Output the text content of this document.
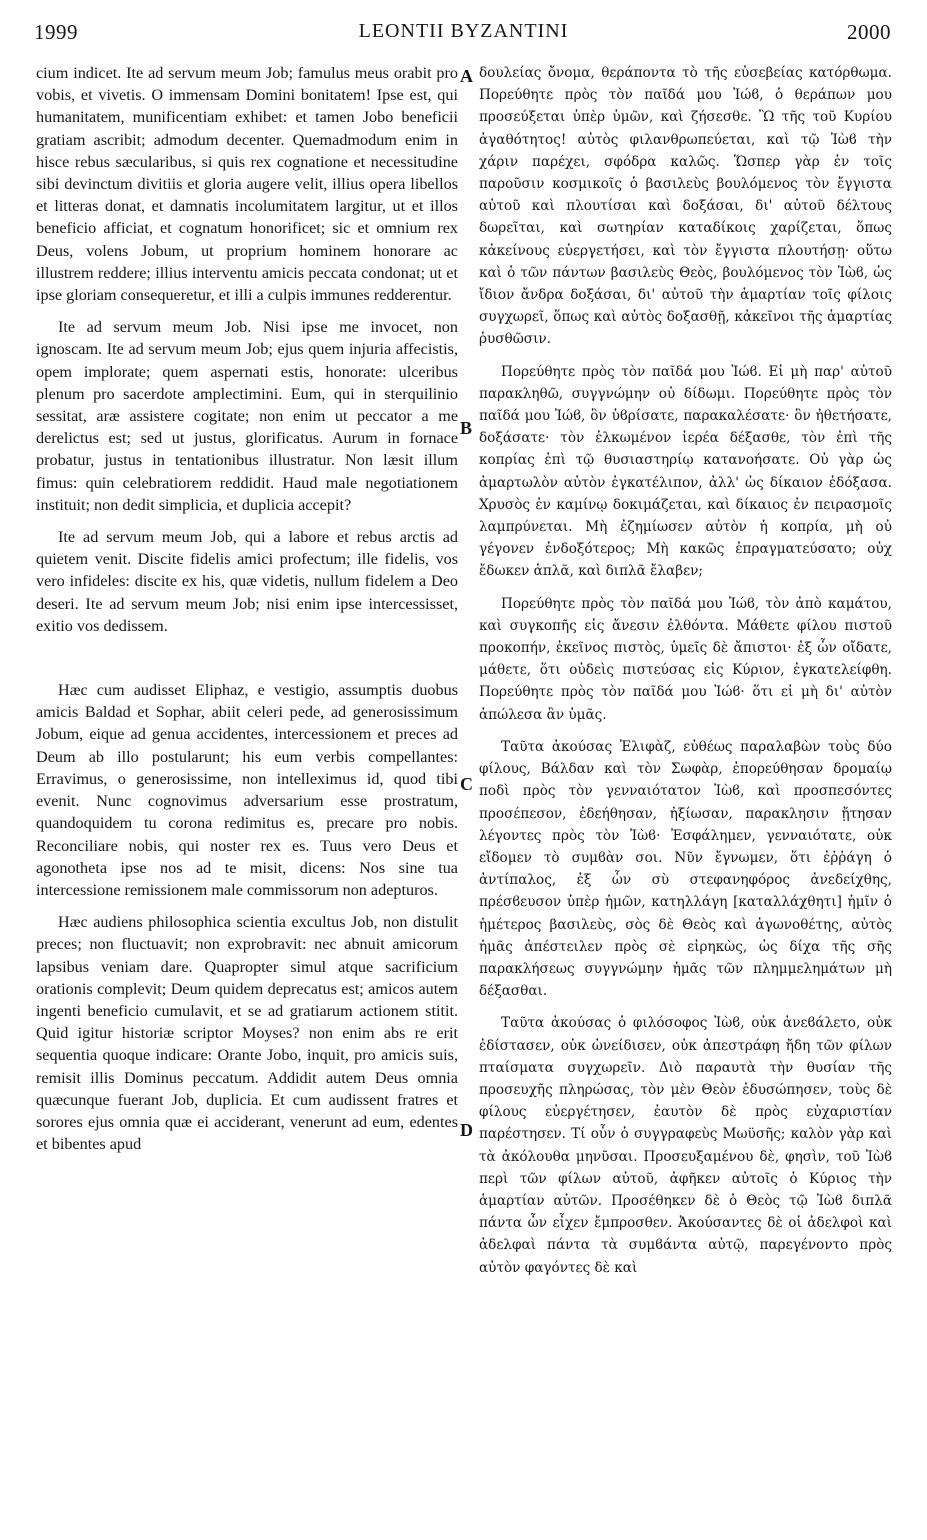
1999	LEONTII BYZANTINI	2000

cium indicet. Ite ad servum meum Job; famulus meus orabit pro vobis, et vivetis. O immensam Domini bonitatem! Ipse est, qui humanitatem, munificentiam exhibet: et tamen Jobo beneficii gratiam ascribit; admodum decenter. Quemadmodum enim in hisce rebus sæcularibus, si quis rex cognatione et necessitudine sibi devinctum divitiis et gloria augere velit, illius opera libellos et litteras donat, et damnatis incolumitatem largitur, ut et illos beneficio afficiat, et cognatum honorificet; sic et omnium rex Deus, volens Jobum, ut proprium hominem honorare ac illustrem reddere; illius interventu amicis peccata condonat; ut et ipse gloriam consequeretur, et illi a culpis immunes redderentur.

Ite ad servum meum Job. Nisi ipse me invocet, non ignoscam. Ite ad servum meum Job; ejus quem injuria affecistis, opem implorate; quem aspernati estis, honorate: ulceribus plenum pro sacerdote amplectimini. Eum, qui in sterquilinio sessitat, aræ assistere cogitate; non enim ut peccator a me derelictus est; sed ut justus, glorificatus. Aurum in fornace probatur, justus in tentationibus illustratur. Non læsit illum fimus: quin celebratiorem reddidit. Haud male negotiationem instituit; non dedit simplicia, et duplicia accepit?

Ite ad servum meum Job, qui a labore et rebus arctis ad quietem venit. Discite fidelis amici profectum; ille fidelis, vos vero infideles: discite ex his, quæ videtis, nullum fidelem a Deo deseri. Ite ad servum meum Job; nisi enim ipse intercessisset, exitio vos dedissem.

Hæc cum audisset Eliphaz, e vestigio, assumptis duobus amicis Baldad et Sophar, abiit celeri pede, ad generosissimum Jobum, eique ad genua accidentes, intercessionem et preces ad Deum ab illo postularunt; his eum verbis compellantes: Erravimus, o generosissime, non intelleximus id, quod tibi evenit. Nunc cognovimus adversarium esse prostratum, quandoquidem tu corona redimitus es, precare pro nobis. Reconciliare nobis, qui noster rex es. Tuus vero Deus et agonotheta ipse nos ad te misit, dicens: Nos sine tua intercessione remissionem male commissorum non adepturos.

Hæc audiens philosophica scientia excultus Job, non distulit preces; non fluctuavit; non exprobravit: nec abnuit amicorum lapsibus veniam dare. Quapropter simul atque sacrificium orationis complevit; Deum quidem deprecatus est; amicos autem ingenti beneficio cumulavit, et se ad gratiarum actionem stitit. Quid igitur historiæ scriptor Moyses? non enim abs re erit sequentia quoque indicare: Orante Jobo, inquit, pro amicis suis, remisit illis Dominus peccatum. Addidit autem Deus omnia quæcunque fuerant Job, duplicia. Et cum audissent fratres et sorores ejus omnia quæ ei acciderant, venerunt ad eum, edentes et bibentes apud

A
B
C
D

δουλείας ὄνομα, θεράποντα τὸ τῆς εὐσεβείας κατόρθωμα. Πορεύθητε πρὸς τὸν παῖδά μου Ἰώϐ, ὁ θεράπων μου προσεύξεται ὑπὲρ ὑμῶν, καὶ ζήσεσθε. Ὢ τῆς τοῦ Κυρίου ἀγαθότητος! αὐτὸς φιλανθρωπεύεται, καὶ τῷ Ἰὼϐ τὴν χάριν παρέχει, σφόδρα καλῶς. Ὥσπερ γὰρ ἐν τοῖς παροῦσιν κοσμικοῖς ὁ βασιλεὺς βουλόμενος τὸν ἔγγιστα αὐτοῦ καὶ πλουτίσαι καὶ δοξάσαι, δι' αὐτοῦ δέλτους δωρεῖται, καὶ σωτηρίαν καταδίκοις χαρίζεται, ὅπως κἀκείνους εὐεργετήσει, καὶ τὸν ἔγγιστα πλουτήσῃ· οὕτω καὶ ὁ τῶν πάντων βασιλεὺς Θεὸς, βουλόμενος τὸν Ἰὼϐ, ὡς ἴδιον ἄνδρα δοξάσαι, δι' αὐτοῦ τὴν ἁμαρτίαν τοῖς φίλοις συγχωρεῖ, ὅπως καὶ αὐτὸς δοξασθῇ, κἀκεῖνοι τῆς ἁμαρτίας ῥυσθῶσιν.

Πορεύθητε πρὸς τὸν παῖδά μου Ἰώϐ. Εἰ μὴ παρ' αὐτοῦ παρακληθῶ, συγγνώμην οὐ δίδωμι. Πορεύθητε πρὸς τὸν παῖδά μου Ἰώϐ, ὃν ὑϐρίσατε, παρακαλέσατε· ὃν ἠθετήσατε, δοξάσατε· τὸν ἑλκωμένον ἱερέα δέξασθε, τὸν ἐπὶ τῆς κοπρίας ἐπὶ τῷ θυσιαστηρίῳ κατανοήσατε. Οὐ γὰρ ὡς ἁμαρτωλὸν αὐτὸν ἐγκατέλιπον, ἀλλ' ὡς δίκαιον ἐδόξασα. Χρυσὸς ἐν καμίνῳ δοκιμάζεται, καὶ δίκαιος ἐν πειρασμοῖς λαμπρύνεται. Μὴ ἐζημίωσεν αὐτὸν ἡ κοπρία, μὴ οὐ γέγονεν ἐνδοξότερος; Μὴ κακῶς ἐπραγματεύσατο; οὐχ ἔδωκεν ἁπλᾶ, καὶ διπλᾶ ἔλαβεν;

Πορεύθητε πρὸς τὸν παῖδά μου Ἰώϐ, τὸν ἀπὸ καμάτου, καὶ συγκοπῆς εἰς ἄνεσιν ἐλθόντα. Μάθετε φίλου πιστοῦ προκοπήν, ἐκεῖνος πιστὸς, ὑμεῖς δὲ ἄπιστοι· ἐξ ὧν οἴδατε, μάθετε, ὅτι οὐδεὶς πιστεύσας εἰς Κύριον, ἐγκατελείφθη. Πορεύθητε πρὸς τὸν παῖδά μου Ἰώϐ· ὅτι εἰ μὴ δι' αὐτὸν ἀπώλεσα ἂν ὑμᾶς.

Ταῦτα ἀκούσας Ἐλιφὰζ, εὐθέως παραλαβὼν τοὺς δύο φίλους, Βάλδαν καὶ τὸν Σωφὰρ, ἐπορεύθησαν δρομαίῳ ποδὶ πρὸς τὸν γενναιότατον Ἰὼϐ, καὶ προσπεσόντες προσέπεσον, ἐδεήθησαν, ἠξίωσαν, παρακλησιν ᾔτησαν λέγοντες πρὸς τὸν Ἰὼϐ· Ἐσφάλημεν, γενναιότατε, οὐκ εἴδομεν τὸ συμϐὰν σοι. Νῦν ἔγνωμεν, ὅτι ἐῤῥάγη ὁ ἀντίπαλος, ἐξ ὧν σὺ στεφανηφόρος ἀνεδείχθης, πρέσϐευσον ὑπὲρ ἡμῶν, κατηλλάγη [καταλλάχθητι] ἡμῖν ὁ ἡμέτερος βασιλεὺς, σὸς δὲ Θεὸς καὶ ἀγωνοθέτης, αὐτὸς ἡμᾶς ἀπέστειλεν πρὸς σὲ εἰρηκὼς, ὡς δίχα τῆς σῆς παρακλήσεως συγγνώμην ἡμᾶς τῶν πλημμελημάτων μὴ δέξασθαι.

Ταῦτα ἀκούσας ὁ φιλόσοφος Ἰὼϐ, οὐκ ἀνεϐάλετο, οὐκ ἐδίστασεν, οὐκ ὠνείδισεν, οὐκ ἀπεστράφη ἤδη τῶν φίλων πταίσματα συγχωρεῖν. Διὸ παραυτὰ τὴν θυσίαν τῆς προσευχῆς πληρώσας, τὸν μὲν Θεὸν ἐδυσώπησεν, τοὺς δὲ φίλους εὐεργέτησεν, ἑαυτὸν δὲ πρὸς εὐχαριστίαν παρέστησεν. Τί οὖν ὁ συγγραφεὺς Μωϋσῆς; καλὸν γὰρ καὶ τὰ ἀκόλουθα μηνῦσαι. Προσευξαμένου δὲ, φησὶν, τοῦ Ἰὼϐ περὶ τῶν φίλων αὐτοῦ, ἀφῆκεν αὐτοῖς ὁ Κύριος τὴν ἁμαρτίαν αὐτῶν. Προσέθηκεν δὲ ὁ Θεὸς τῷ Ἰὼϐ διπλᾶ πάντα ὧν εἶχεν ἔμπροσθεν. Ἀκούσαντες δὲ οἱ ἀδελφοὶ καὶ ἀδελφαὶ πάντα τὰ συμϐάντα αὐτῷ, παρεγένοντο πρὸς αὐτὸν φαγόντες δὲ καὶ
